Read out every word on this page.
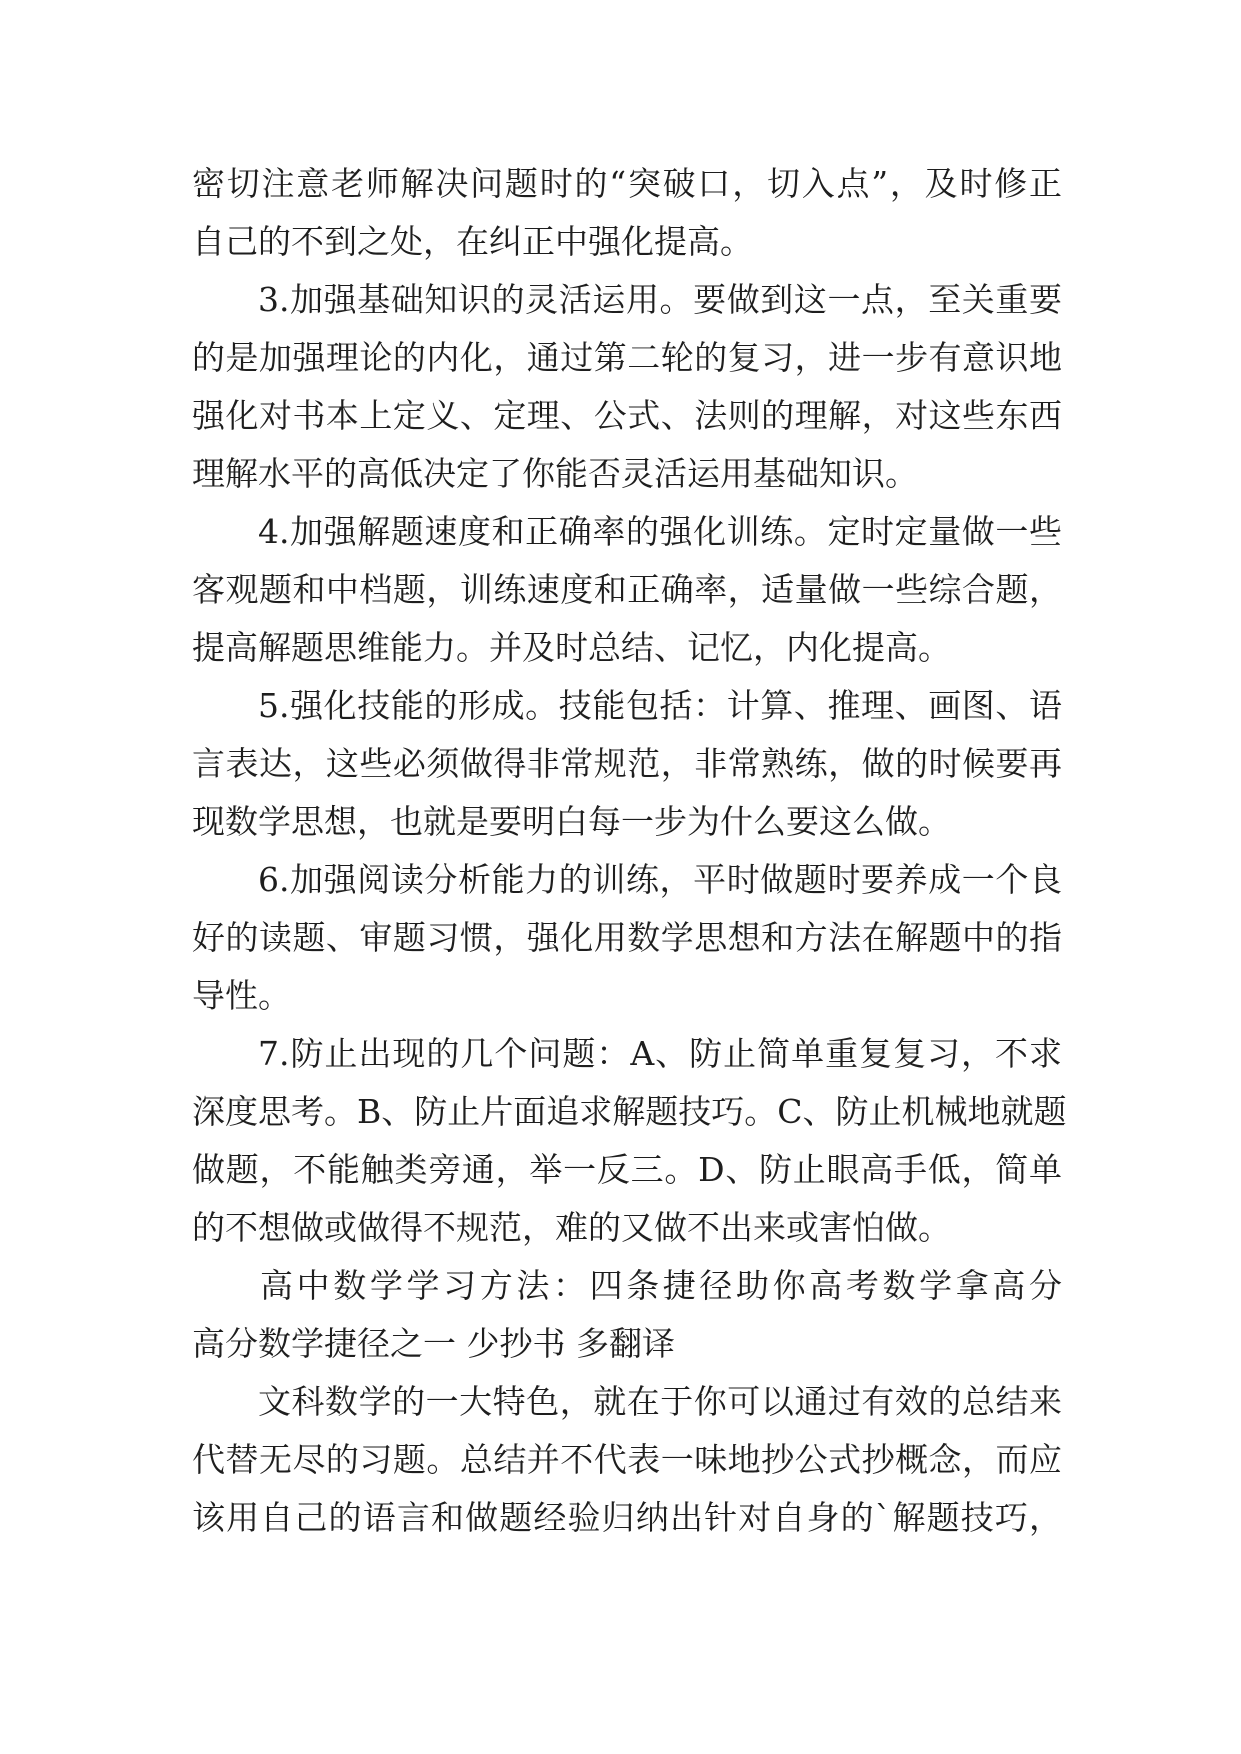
密切注意老师解决问题时的“突破口，切入点”，及时修正
自己的不到之处，在纠正中强化提高。
3.加强基础知识的灵活运用。要做到这一点，至关重要
的是加强理论的内化，通过第二轮的复习，进一步有意识地
强化对书本上定义、定理、公式、法则的理解，对这些东西
理解水平的高低决定了你能否灵活运用基础知识。
4.加强解题速度和正确率的强化训练。定时定量做一些
客观题和中档题，训练速度和正确率，适量做一些综合题，
提高解题思维能力。并及时总结、记忆，内化提高。
5.强化技能的形成。技能包括：计算、推理、画图、语
言表达，这些必须做得非常规范，非常熟练，做的时候要再
现数学思想，也就是要明白每一步为什么要这么做。
6.加强阅读分析能力的训练，平时做题时要养成一个良
好的读题、审题习惯，强化用数学思想和方法在解题中的指
导性。
7.防止出现的几个问题：A、防止简单重复复习，不求
深度思考。B、防止片面追求解题技巧。C、防止机械地就题
做题，不能触类旁通，举一反三。D、防止眼高手低，简单
的不想做或做得不规范，难的又做不出来或害怕做。
高中数学学习方法：四条捷径助你高考数学拿高分
高分数学捷径之一 少抄书 多翻译
文科数学的一大特色，就在于你可以通过有效的总结来
代替无尽的习题。总结并不代表一味地抄公式抄概念，而应
该用自己的语言和做题经验归纳出针对自身的`解题技巧，
